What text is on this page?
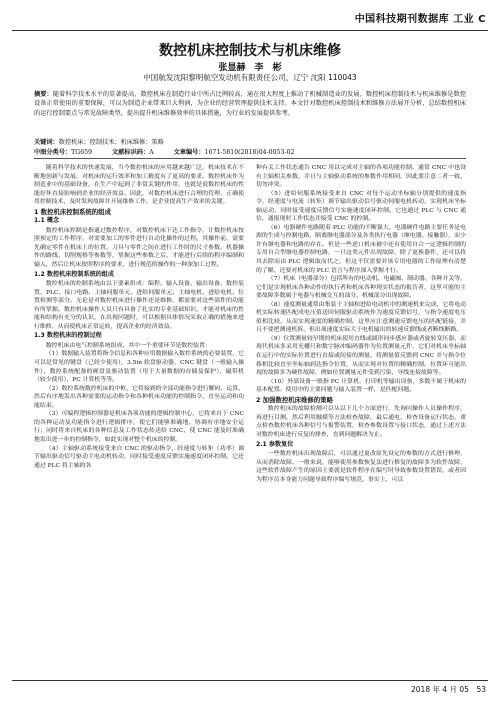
中国科技期刊数据库 工业 C
数控机床控制技术与机床维修
张显赫　李　彬
中国航发沈阳黎明航空发动机有限责任公司，辽宁 沈阳 110043
摘要：随着科学技术水平的显著提高，数控机床在制造行业中所占比例较高，通在很大程度上推动了机械制造业的发展。数控机床控制技术与机床维修是数控设备正常使用的重要保障，可以为制造企业带来巨大利润，为企业的经营管理提供技术支持。本文针对数控机床控制技术和维修方法展开分析，总结数控机床的运行控制要点与常见故障类型，提出提升机床维修效率的具体措施，为行业的发展提供参考。
关键词：数控机床；控制技术；机床维修；策略
中图分类号：TG659	文献标识码：A	文章编号：1671-5810(2018)04-0053-02

随着科学技术的快速发展，当今数控机床的应用越来越广泛，机床技术在不断地创新与发展，对机床的运行效率和加工精度有了更高的要求。数控机床作为制造业中的基础设备，在生产中起到了非常关键的作用，也就是说数控机床的性能好坏直接影响到企业的经济效益。因此，对数控机床进行合理的管理，正确使用控制技术，及时发现故障并开展维修工作，是企业提高生产效率的关键。

1 数控机床控制系统的组成
1.1 概念

数控机床控制是指通过数控程序，对数控机床下达工作指令，让数控机床按照预定的工作程序，对需要加工的零件进行自动化操作的过程。其操作前，需要先确定零件在机床上的位置，刀具与零件之间在进行工作时的尺寸参数，机器操作的路线、切削规格等参数等，掌握这些参数之后，才能进行后续的程序编制和输入，然后让机床按照程序的要求，进行规范的操作的一种深加工过程。

1.2 数控机床控制系统的组成

数控机床的控制系统由以下要素组成：编程、输入设备、输出设备、数控装置、PLC、接口电路、主轴伺服单元、进给伺服单元、主轴电机、进给电机、位置检测等部分。无论是对数控机床进行操作还是维修，都需要对这些部件的功能有所掌握。数控机床操作人员只有具备了扎实的专业基础知识，才能对机床的性能和结构有充分的认识，在出现问题时，可以根据具体情况采取正确的措施来进行维修，从而使机床正常运转，提高企业的经济效益。

1.3 数控机床的控制过程

数控机床由电气控制系统组成，其中一个重要环节是数控装置：

（1）数据输入装置将指令信息和各种应用数据输入数控系统的必要装置，它可以是常见的键盘（已经少使用），3.5in 软盘驱动器，CNC 键盘（一般输入操作），数控系统配备的硬盘及驱动装置（用于大量数据的存储及保护），磁带机（较少使用），PC 计算机等等。

（2）数控系统数控机床的中枢，它将接到的全部功能指令进行解码、运算，然后有序地发出各种需要的运动指令和各种机床功能的控制指令，直至运动和功能结束。

（3）可编程逻辑控制器是机床各项功能的逻辑控制中心，它将来自于 CNC 的各种运动及功能指令进行逻辑排序，使它们能够准确地、协调有序地安全运行；同时将来自机床的各种信息及工作状态传送给 CNC，使 CNC 能及时准确地发出进一步的控制指令，如此实现对整个机床的控制。

（4）主轴驱动系统接受来自 CNC 的驱动指令，经速度与转矩（功率）调节输出驱动信号驱动主电动机转动，同时接受速度反馈实施速度闭环控制。它还通过 PLC 将主轴的各

种有关工作状态通告 CNC 用以完成对主轴的各项功能控制。通常 CNC 中也设有主轴相关参数，并且与主轴驱动系统的参数作用相同，因此要注意二者一致，切勿冲突。

（5）进给伺服系统接受来自 CNC 对每个运动坐标轴分别提供的速度指令，经速度与电流（转矩）调节输出驱动信号驱动伺服电机转动，实现机床坐标轴运动，同时接受速度反馈信号实施速度闭环控制。它也通过 PLC 与 CNC 通信，通报现时工作状态并接受 CNC 的控制。

（6）电器硬件电路随着 PLC 功能的不断强大，电器硬件电路主要任务是电源的生成与控制电路，隔离继电器部分及各类执行电器（继电器、接触器），而少许有继电器和电路的存在。但是一些逆口机床被中还有使用自合一定逻辑控制的专用自合型继电器控制电路，一旦这类元件出现故障，除了更换器件，还可以将其去除而由 PLC 逻辑取而代之，但这不仅需要对该专用电器的工作原理有清楚的了解，还要对机床的 PLC 语言与程序深入掌握才行。

（7）机床（电器部分）包括所有的电动机、电磁阀、制动器、各种开关等。它们是实现机床各种动作的执行者和机床各种现实状态的报告者，这里可能的主要故障多数属于电器与机械交互的部分，机械部分出现故障。

（8）速度测量通常由集装于主轴和进给电动机中的测速机来完成，它将电动机实际转速匹配成电压值送回伺服驱动系统作为速度反馈信号，与指令速度电压值相比较，从而实现速度的精确控制。这里应注意测速反馈电压的匹配链接，并且不要把测速机拆，但出项速度实际大于电机输出的转速反馈线或者断线断路。

（9）位置测量较早期的机床使用直线或圆形同步感应器或者旋转变压器，而现代机床多采用光栅尺和数字脉冲编码器作为位置测量元件，它们对机床坐标轴在运行中的实际位置进行直接或间接的测量，将测量值反馈到 CNC 并与指令位移相比较直至坐标轴到达指令位置，从而实现对位置的精确控制。位置环可能出现的故障多为硬件故障，例如位置测量元件受到污染，导线连接故障等。

（10）外部设备一般指 PC 计算机、打印机等输出设备，多数不属于机床的基本配置。使用中的主要问题与输入装置一样，是匹配问题。

2 加强数控机床维修的策略

数控机床的故障检测可以从以下几个方面进行，先询问操作人员操作程序，再进行目测，然后利用触摸等方法检查故障。最后通电，检查设备运行状态，重点检查数控机床各种信号与报警装置，检查参数设置与接口状态，通过上述方法对数控机床进行反复的排查，直到问题解决为止。

2.1 参数复位

一些数控机床出现故障后，可以通过更改原先设定的参数的方式进行修理，从而消除故障。一般来说，能够使用参数恢复法进行修复的故障多为软件故障，这些软件故障产生的原因主要就是软件程序在编写时导致参数设置错误，或者因为程序员本身能力问题导致程序编写规范，事实上，可以

2018 年 4 月 05　53
